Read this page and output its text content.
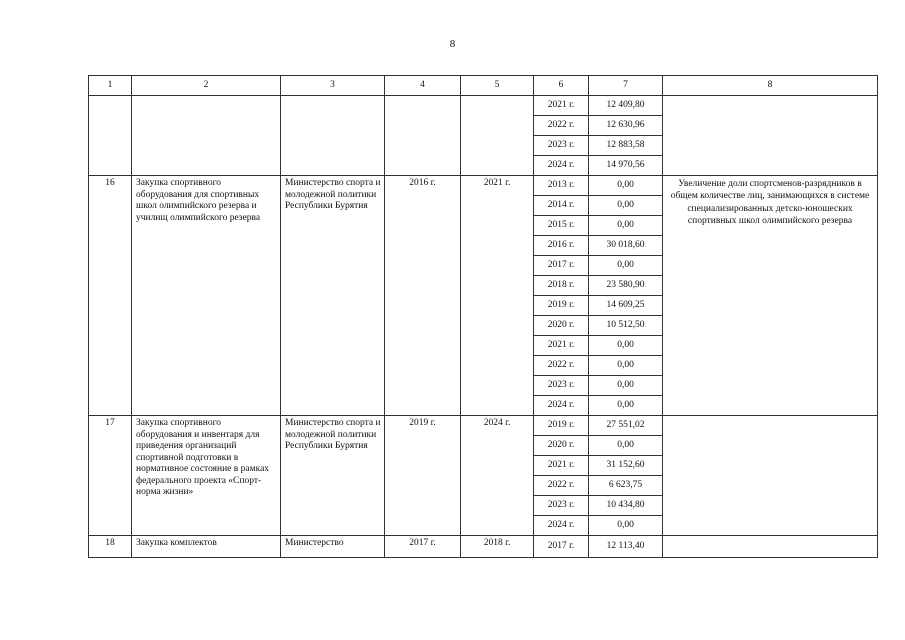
8
1	2	3	4	5	6	7	8
					2021 г.	12 409,80	
					2022 г.	12 630,96	
					2023 г.	12 883,58	
					2024 г.	14 970,56	
16	Закупка спортивного оборудования для спортивных школ олимпийского резерва и училищ олимпийского резерва	Министерство спорта и молодежной политики Республики Бурятия	2016 г.	2021 г.	2013 г.	0,00	Увеличение доли спортсменов-разрядников в общем количестве лиц, занимающихся в системе специализированных детско-юношеских спортивных школ олимпийского резерва
					2014 г.	0,00	
					2015 г.	0,00	
					2016 г.	30 018,60	
					2017 г.	0,00	
					2018 г.	23 580,90	
					2019 г.	14 609,25	
					2020 г.	10 512,50	
					2021 г.	0,00	
					2022 г.	0,00	
					2023 г.	0,00	
					2024 г.	0,00	
17	Закупка спортивного оборудования и инвентаря для приведения организаций спортивной подготовки в нормативное состояние в рамках федерального проекта «Спорт- норма жизни»	Министерство спорта и молодежной политики Республики Бурятия	2019 г.	2024 г.	2019 г.	27 551,02	
					2020 г.	0,00	
					2021 г.	31 152,60	
					2022 г.	6 623,75	
					2023 г.	10 434,80	
					2024 г.	0,00	
18	Закупка комплектов	Министерство	2017 г.	2018 г.	2017 г.	12 113,40	
